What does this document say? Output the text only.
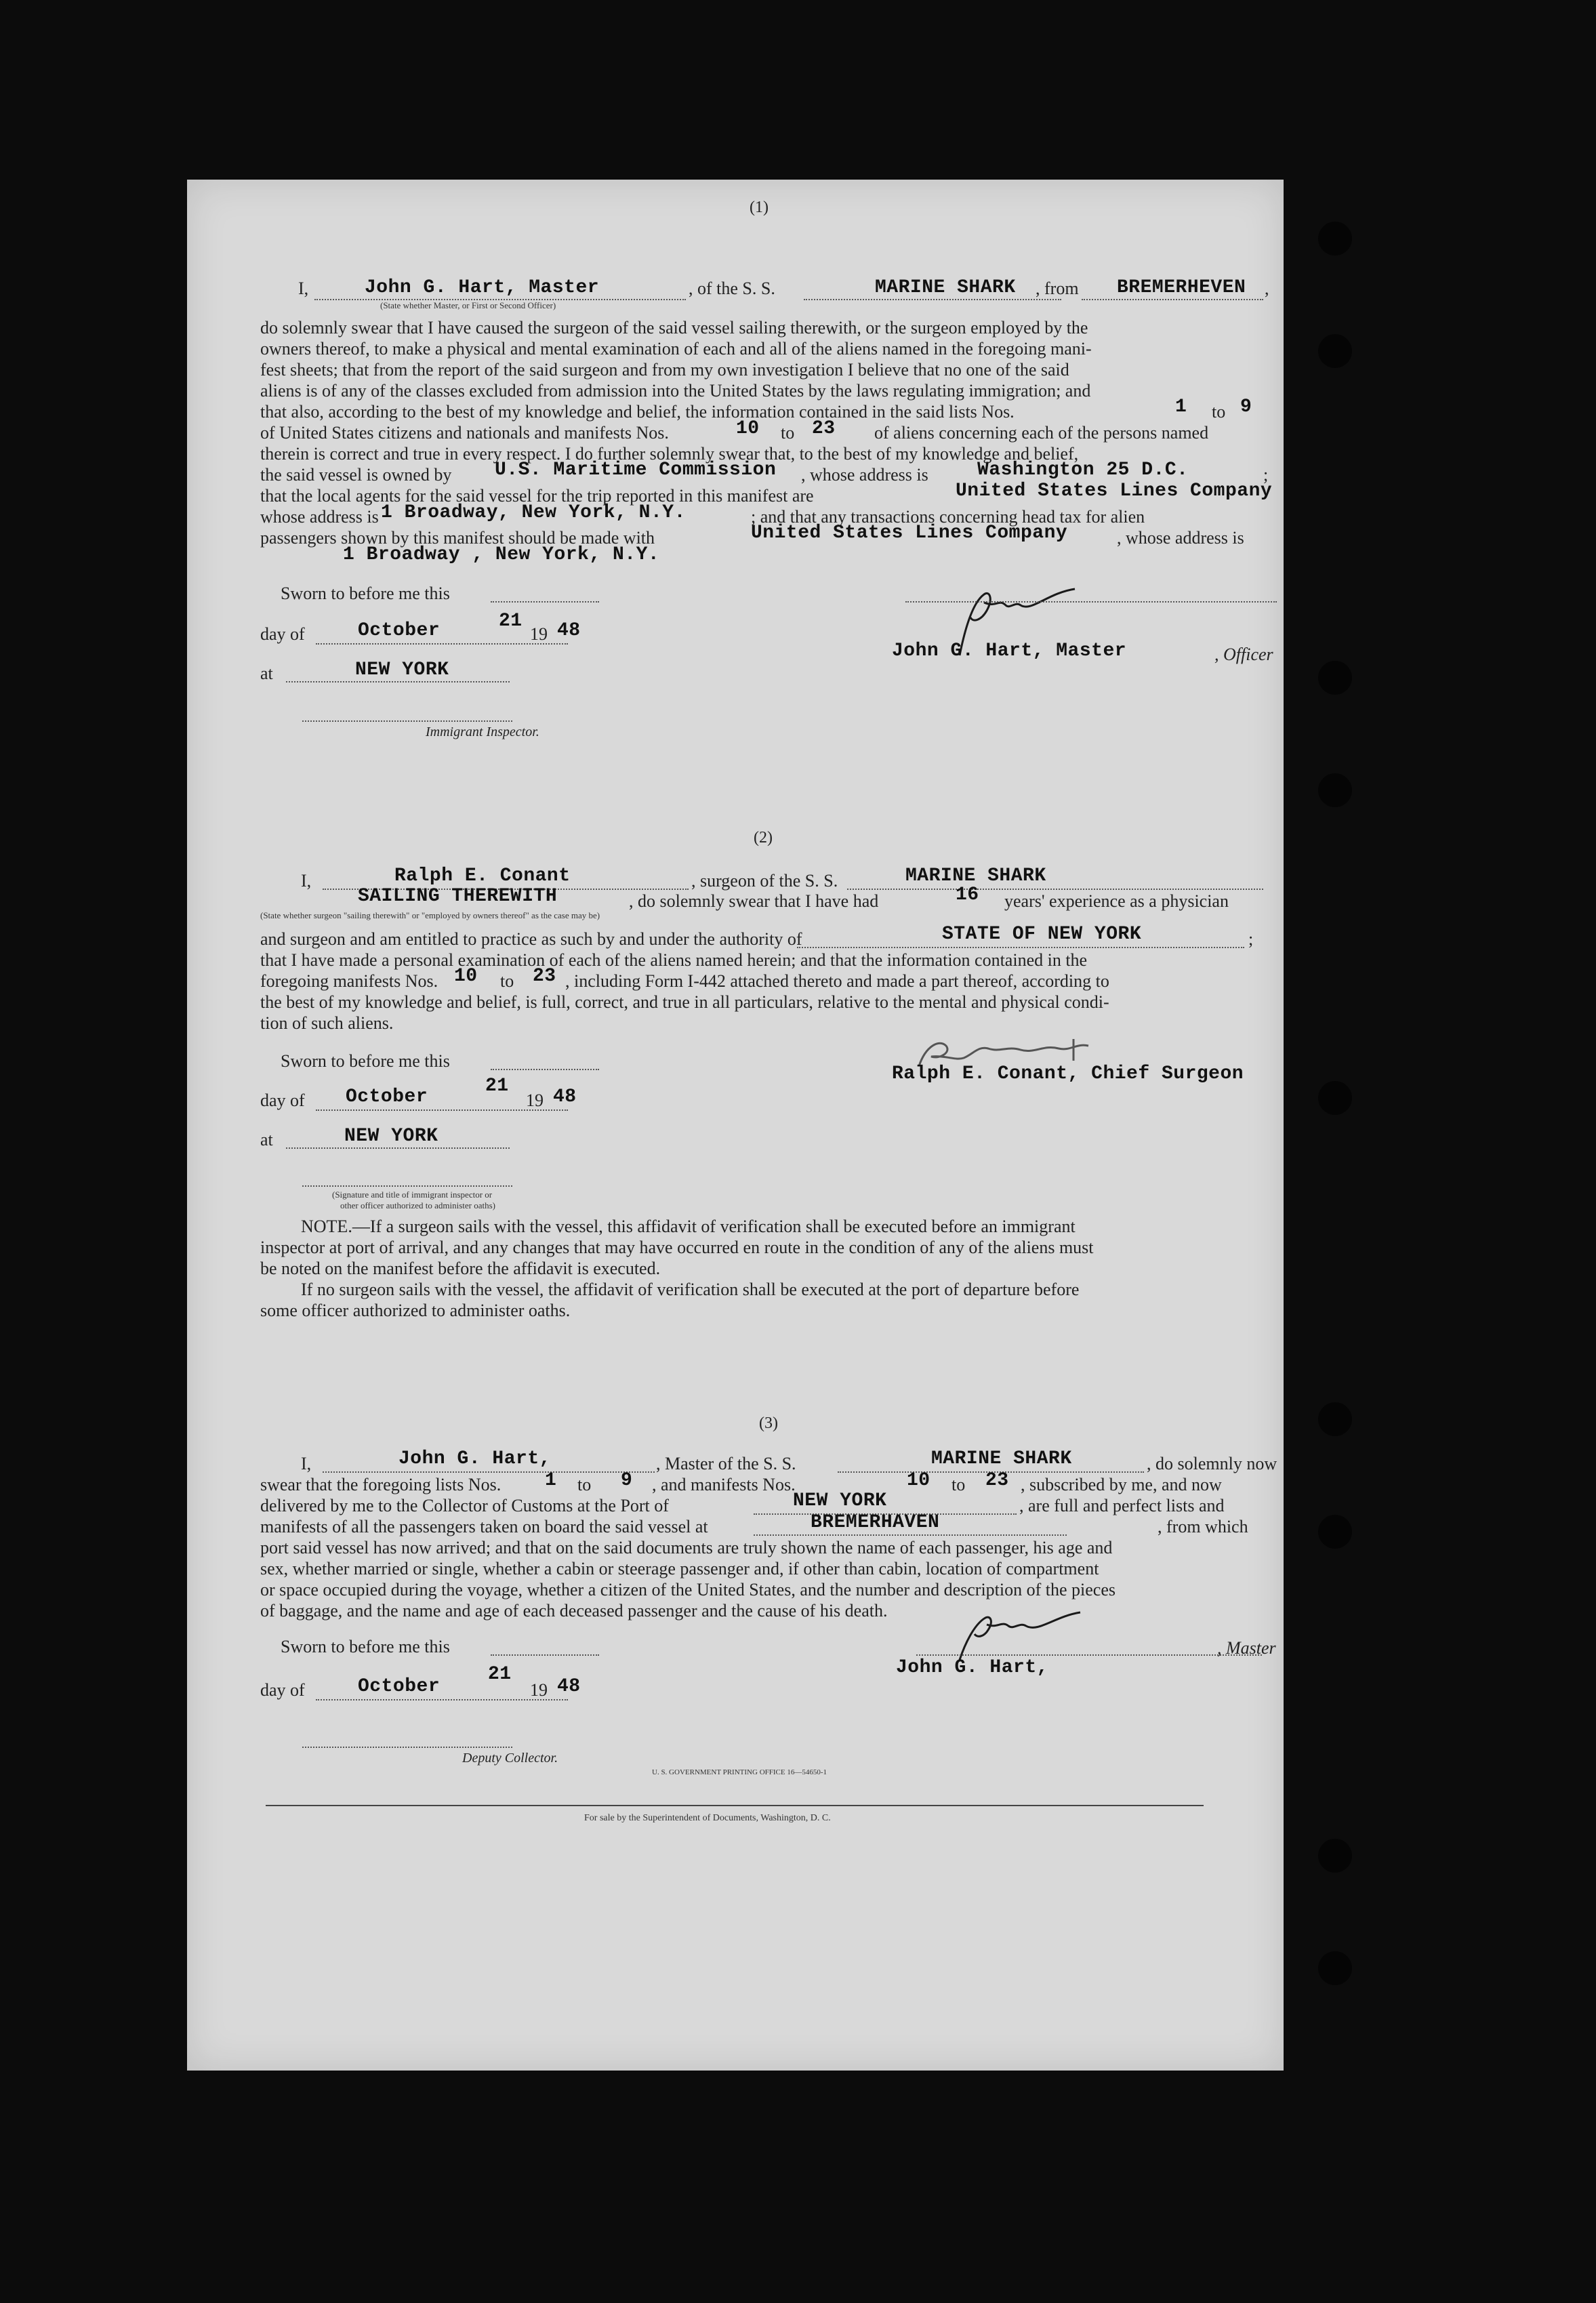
(1)
I,	John G. Hart, Master	, of the S. S.	MARINE SHARK , from BREMERHEVEN ,
(State whether Master, or First or Second Officer)
do solemnly swear that I have caused the surgeon of the said vessel sailing therewith, or the surgeon employed by the
owners thereof, to make a physical and mental examination of each and all of the aliens named in the foregoing mani-
fest sheets; that from the report of the said surgeon and from my own investigation I believe that no one of the said
aliens is of any of the classes excluded from admission into the United States by the laws regulating immigration; and
that also, according to the best of my knowledge and belief, the information contained in the said lists Nos.	1 to 9
of United States citizens and nationals and manifests Nos.	10 to 23 of aliens concerning each of the persons named
therein is correct and true in every respect. I do further solemnly swear that, to the best of my knowledge and belief,
the said vessel is owned by U.S. Maritime Commission , whose address is	Washington 25 D.C.	;
that the local agents for the said vessel for the trip reported in this manifest are	United States Lines Company
whose address is 1 Broadway, New York, N.Y.	; and that any transactions concerning head tax for alien
passengers shown by this manifest should be made with	United States Lines Company	, whose address is
1 Broadway , New York, N.Y.
Sworn to before me this
day of	October	21
19 48
at	NEW YORK
Immigrant Inspector.
John G. Hart, Master	, Officer
(2)
I,	Ralph E. Conant	, surgeon of the S. S.	MARINE SHARK
SAILING THEREWITH	, do solemnly swear that I have had	16 years' experience as a physician
(State whether surgeon "sailing therewith" or "employed by owners thereof" as the case may be)
and surgeon and am entitled to practice as such by and under the authority of	STATE OF NEW YORK	;
that I have made a personal examination of each of the aliens named herein; and that the information contained in the
foregoing manifests Nos. 10 to 23 , including Form I-442 attached thereto and made a part thereof, according to
the best of my knowledge and belief, is full, correct, and true in all particulars, relative to the mental and physical condi-
tion of such aliens.
Sworn to before me this
day of October
21
19 48
at	NEW YORK
(Signature and title of immigrant inspector or
other officer authorized to administer oaths)
Ralph E. Conant, Chief Surgeon
NOTE.—If a surgeon sails with the vessel, this affidavit of verification shall be executed before an immigrant
inspector at port of arrival, and any changes that may have occurred en route in the condition of any of the aliens must
be noted on the manifest before the affidavit is executed.
If no surgeon sails with the vessel, the affidavit of verification shall be executed at the port of departure before
some officer authorized to administer oaths.
(3)
I,	John G. Hart,	, Master of the S. S.	MARINE SHARK	, do solemnly now
swear that the foregoing lists Nos. 1 to 9 , and manifests Nos.	10 to 23 , subscribed by me, and now
delivered by me to the Collector of Customs at the Port of	NEW YORK	, are full and perfect lists and
manifests of all the passengers taken on board the said vessel at	BREMERHAVEN	, from which
port said vessel has now arrived; and that on the said documents are truly shown the name of each passenger, his age and
sex, whether married or single, whether a cabin or steerage passenger and, if other than cabin, location of compartment
or space occupied during the voyage, whether a citizen of the United States, and the number and description of the pieces
of baggage, and the name and age of each deceased passenger and the cause of his death.
Sworn to before me this
day of	October
21
19 48
Deputy Collector.
John G. Hart,
, Master
U. S. GOVERNMENT PRINTING OFFICE 16—54650-1
For sale by the Superintendent of Documents, Washington, D. C.
